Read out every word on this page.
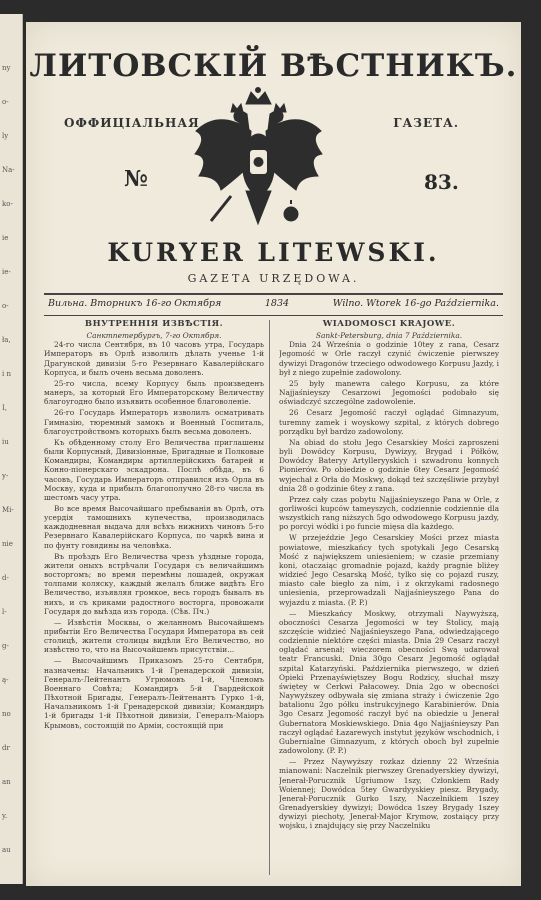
ny
o-
ly
Na-
ko-
ie
ie-
o-
ła,
i n
I,
iu
y-
Mi-
nie
d-
l-
g-
ą-
no
dr
an
y.
au
ЛИТОВСКІЙ ВѢСТНИКЪ.
ОФФИЦІАЛЬНАЯ	ГАЗЕТА.
№	83.
KURYER LITEWSKI.
GAZETA URZĘDOWA.
Вильна. Вторникъ 16-го Октября	1834	Wilno. Wtorek 16-go Października.
ВНУТРЕННІЯ ИЗВѢСТІЯ.
Санктпетербургъ, 7-го Октября.

24-го числа Сентября, въ 10 часовъ утра, Государь Императоръ въ Орлѣ изволилъ дѣлать ученье 1-й Драгунской дивизіи 5-го Резервнаго Кавалерійскаго Корпуса, и былъ очень весьма доволенъ.

25-го числа, всему Корпусу быль произведенъ манеръ, за который Его Императорскому Величеству благоугодно было изъявить особенное благоволеніе.

26-го Государь Императоръ изволилъ осматривать Гимназію, тюремный замокъ и Военный Госпиталь, благоустройствомъ которыхъ былъ весьма доволенъ.

Къ обѣденному столу Его Величества приглашены были Корпусный, Дивизіонные, Бригадные и Полковые Командиры, Командиры артиллерійскихъ батарей и Конно-піонерскаго эскадрона. Послѣ обѣда, въ 6 часовъ, Государь Императоръ отправился изъ Орла въ Москву, куда и прибылъ благополучно 28-го числа въ шестомъ часу утра.

Во все время Высочайшаго пребыванія въ Орлѣ, отъ усердія тамошнихъ купечества, производилась каждодневная выдача для всѣхъ нижнихъ чиновъ 5-го Резервнаго Кавалерійскаго Корпуса, по чаркѣ вина и по фунту говядины на человѣка.

Въ проѣздъ Его Величества чрезъ уѣздные города, жители оныхъ встрѣчали Государя съ величайшимъ восторгомъ; во время перемѣны лошадей, окружая толпами коляску, каждый желалъ ближе видѣть Его Величество, изъявляя громкое, весь городъ бывалъ въ нихъ, и съ криками радостного восторга, провожали Государя до выѣзда изъ города. (Сѣв. Пч.)

— Извѣстія Москвы, о желанномъ Высочайшемъ прибытіи Его Величества Государя Императора въ сей столицѣ, жители столицы видѣли Его Величество, но извѣстно то, что на Высочайшемъ присутствіи...

— Высочайшимъ Приказомъ 25-го Сентября, назначены: Начальникъ 1-й Гренадерской дивизіи, Генералъ-Лейтенантъ Угрюмовъ 1-й, Членомъ Военнаго Совѣта; Командиръ 5-й Гвардейской Пѣхотной Бригады, Генералъ-Лейтенантъ Гурко 1-й, Начальникомъ 1-й Гренадерской дивизіи; Командиръ 1-й бригады 1-й Пѣхотной дивизіи, Генералъ-Маіоръ Крымовъ, состоящій по Арміи, состоящій при

WIADOMOŚCI KRAJOWE.
Sankt-Petersburg, dnia 7 Października.

Dnia 24 Września o godzinie 10tey z rana, Cesarz Jegomość w Orle raczył czynić ćwiczenie pierwszey dywizyi Dragonów trzeciego odwodowego Korpusu Jazdy, i był z niego zupełnie zadowolony.

25 były manewra całego Korpusu, za które Najjaśnieyszy Cesarzowi Jegomości podobało się oświadczyć szczególne zadowolenie.

26 Cesarz Jegomość raczył oglądać Gimnazyum, turemny zamek i woyskowy szpital, z których dobrego porządku był bardzo zadowolony.

Na obiad do stołu Jego Cesarskiey Mości zaproszeni byli Dowódcy Korpusu, Dywizyy, Brygad i Półków, Dowódcy Bateryy Artylleryyskich i szwadronu konnych Pionierów. Po obiedzie o godzinie 6tey Cesarz Jegomość wyjechał z Orła do Moskwy, dokąd też szczęśliwie przybył dnia 28 o godzinie 6tey z rana.

Przez cały czas pobytu Najjaśnieyszego Pana w Orle, z gorliwości kupców tameyszych, codziennie codziennie dla wszystkich rang niższych 5go odwodowego Korpusu jazdy, po porcyi wódki i po funcie mięsa dla każdego.

W przejeździe Jego Cesarskiey Mości przez miasta powiatowe, mieszkańcy tych spotykali Jego Cesarską Mość z największem uniesieniem; w czasie przemiany koni, otaczaiąc gromadnie pojazd, każdy pragnie bliżey widzieć Jego Cesarską Mość, tylko się co pojazd ruszy, miasto całe biegło za nim, i z okrzykami radosnego uniesienia, przeprowadzali Najjaśnieyszego Pana do wyjazdu z miasta. (P. P.)

— Mieszkańcy Moskwy, otrzymali Naywyższą, oboczności Cesarza Jegomości w tey Stolicy, mają szczęście widzieć Najjaśnieyszego Pana, odwiedzającego codziennie niektóre części miasta. Dnia 29 Cesarz raczył oglądać arsenał; wieczorem obecności Swą udarował teatr Francuski. Dnia 30go Cesarz Jegomość oglądał szpital Katarzyński. Października pierwszego, w dzień Opieki Przenayświętszey Bogu Rodzicy, słuchał mszy świętey w Cerkwi Pałacowey. Dnia 2go w obecności Naywyższey odbywała się zmiana straży i ćwiczenie 2go batalionu 2go półku instrukcyjnego Karabinierów. Dnia 3go Cesarz Jegomość raczył być na obiedzie u Jenerał Gubernatora Moskiewskiego. Dnia 4go Najjaśnieyszy Pan raczył oglądać Łazarewych instytut języków wschodnich, i Gubernialne Gimnazyum, z których oboch był zupełnie zadowolony. (P. P.)

— Przez Naywyższy rozkaz dzienny 22 Września mianowani: Naczelnik pierwszey Grenadyerskiey dywizyi, Jenerał-Porucznik Ugriumow 1szy, Członkiem Rady Woiennej; Dowódca 5tey Gwardyyskiey piesz. Brygady, Jenerał-Porucznik Gurko 1szy, Naczelnikiem 1szey Grenadyerskiey dywizyi; Dowódca 1szey Brygady 1szey dywizyi piechoty, Jenerał-Major Krymow, zostaiący przy wojsku, i znajdujący się przy Naczelniku
